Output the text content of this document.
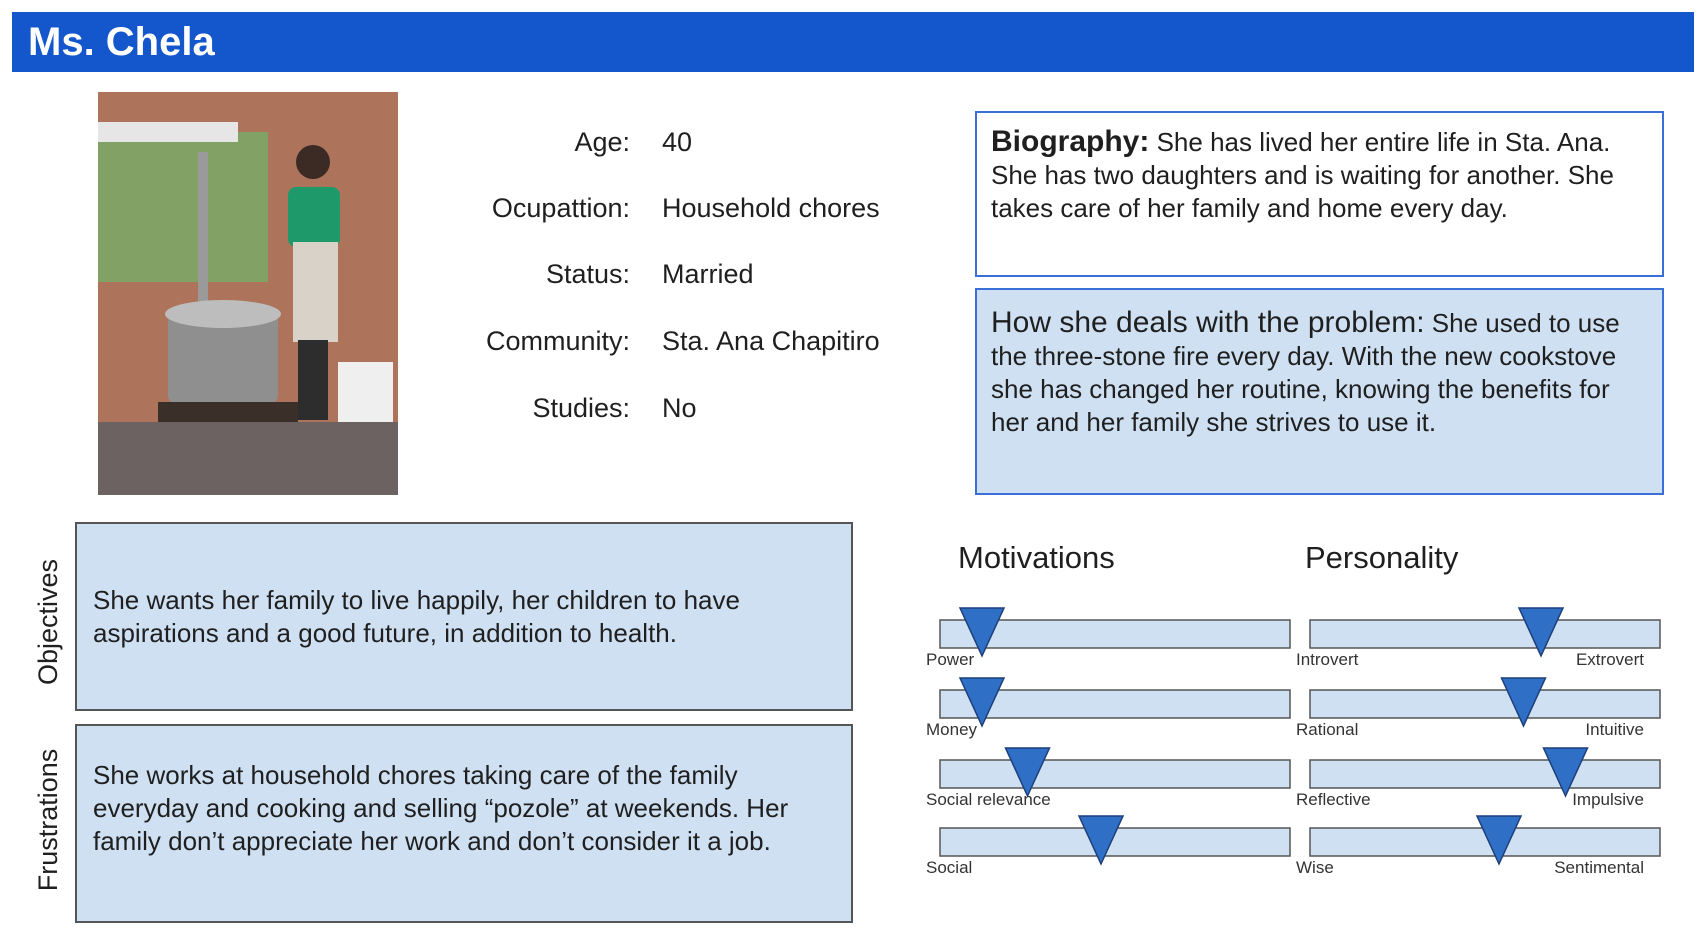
Ms. Chela
Age: 40
Ocupattion: Household chores
Status: Married
Community: Sta. Ana Chapitiro
Studies: No
Biography: She has lived her entire life in Sta. Ana. She has two daughters and is waiting for another. She takes care of her family and home every day.
How she deals with the problem: She used to use the three-stone fire every day. With the new cookstove she has changed her routine, knowing the benefits for her and her family she strives to use it.
Objectives She wants her family to live happily, her children to have aspirations and a good future, in addition to health.
Frustrations She works at household chores taking care of the family everyday and cooking and selling “pozole” at weekends. Her family don’t appreciate her work and don’t consider it a job.
Motivations	Personality
Power
Money
Social relevance
Social
Introvert	Extrovert
Rational	Intuitive
Reflective	Impulsive
Wise	Sentimental
